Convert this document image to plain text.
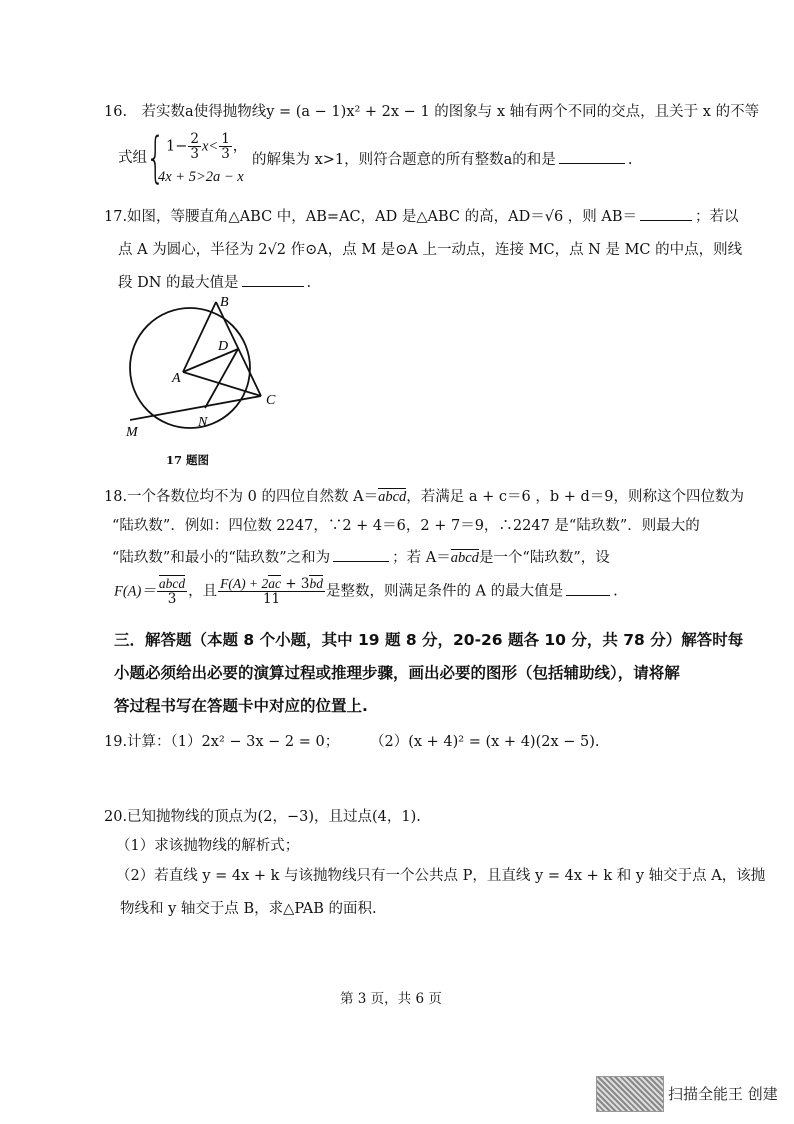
16.　若实数a使得抛物线y = (a − 1)x² + 2x − 1 的图象与 x 轴有两个不同的交点，且关于 x 的不等
式组 { $1- \frac{2}{3} x< \frac{1}{3}$ ，
4x + 5>2a − x
的解集为 x>1，则符合题意的所有整数a的和是	.
17.如图，等腰直角△ABC 中，AB=AC，AD 是△ABC 的高，AD＝√6 ，则 AB＝	；若以
点 A 为圆心，半径为 2√2 作⊙A，点 M 是⊙A 上一动点，连接 MC，点 N 是 MC 的中点，则线
段 DN 的最大值是	.
B
D
A
C
N
M
17 题图
18.一个各数位均不为 0 的四位自然数 A＝abcd，若满足 a + c＝6 ，b + d＝9，则称这个四位数为
“陆玖数”．例如：四位数 2247，∵2 + 4＝6，2 + 7＝9，∴2247 是“陆玖数”．则最大的
“陆玖数”和最小的“陆玖数”之和为	；若 A＝abcd是一个“陆玖数”，设
$F(A)= \frac{\text{abcd}}{3}$ ，且 $\frac{F(A) + 2ac + 3bd}{11}$ 是整数，则满足条件的 A 的最大值是	.
三．解答题（本题 8 个小题，其中 19 题 8 分，20-26 题各 10 分，共 78 分）解答时每
小题必须给出必要的演算过程或推理步骤，画出必要的图形（包括辅助线），请将解
答过程书写在答题卡中对应的位置上.
19.计算：（1）2x² − 3x − 2 = 0； （2）(x + 4)² = (x + 4)(2x − 5).
20.已知抛物线的顶点为(2，−3)，且过点(4，1).
（1）求该抛物线的解析式；
（2）若直线 y = 4x + k 与该抛物线只有一个公共点 P，且直线 y = 4x + k 和 y 轴交于点 A，该抛
物线和 y 轴交于点 B，求△PAB 的面积.
第 3 页，共 6 页
扫描全能王 创建
